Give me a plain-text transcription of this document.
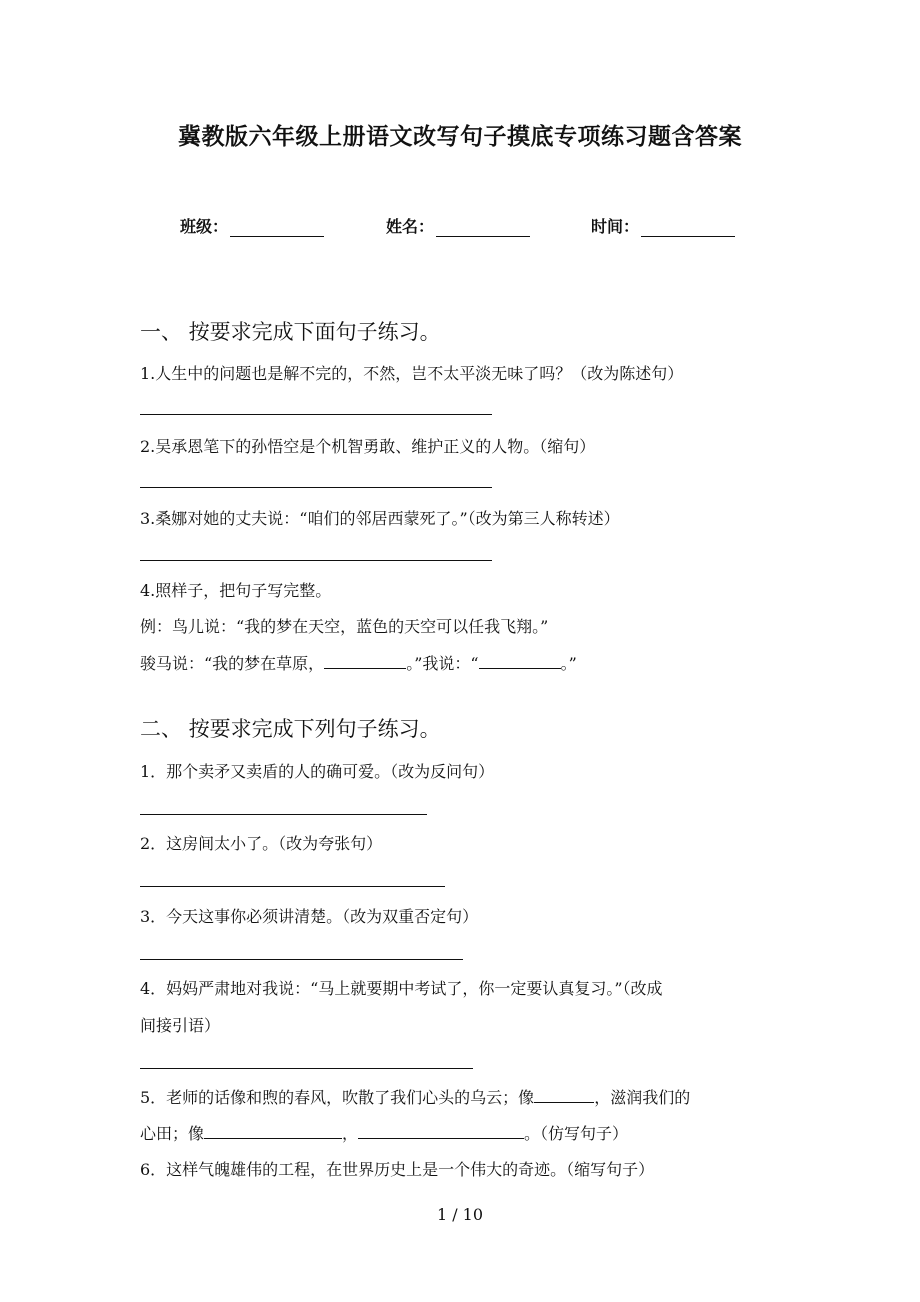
冀教版六年级上册语文改写句子摸底专项练习题含答案
班级：	姓名：	时间：
一、 按要求完成下面句子练习。
1.人生中的问题也是解不完的，不然，岂不太平淡无味了吗？（改为陈述句）
2.吴承恩笔下的孙悟空是个机智勇敢、维护正义的人物。（缩句）
3.桑娜对她的丈夫说：“咱们的邻居西蒙死了。”（改为第三人称转述）
4.照样子，把句子写完整。
例：鸟儿说：“我的梦在天空，蓝色的天空可以任我飞翔。”
骏马说：“我的梦在草原，	。”我说：“	。”
二、 按要求完成下列句子练习。
1．那个卖矛又卖盾的人的确可爱。（改为反问句）
2．这房间太小了。（改为夸张句）
3．今天这事你必须讲清楚。（改为双重否定句）
4．妈妈严肃地对我说：“马上就要期中考试了，你一定要认真复习。”（改成
间接引语）
5．老师的话像和煦的春风，吹散了我们心头的乌云；像	，滋润我们的
心田；像	，	。（仿写句子）
6．这样气魄雄伟的工程，在世界历史上是一个伟大的奇迹。（缩写句子）
1 / 10
